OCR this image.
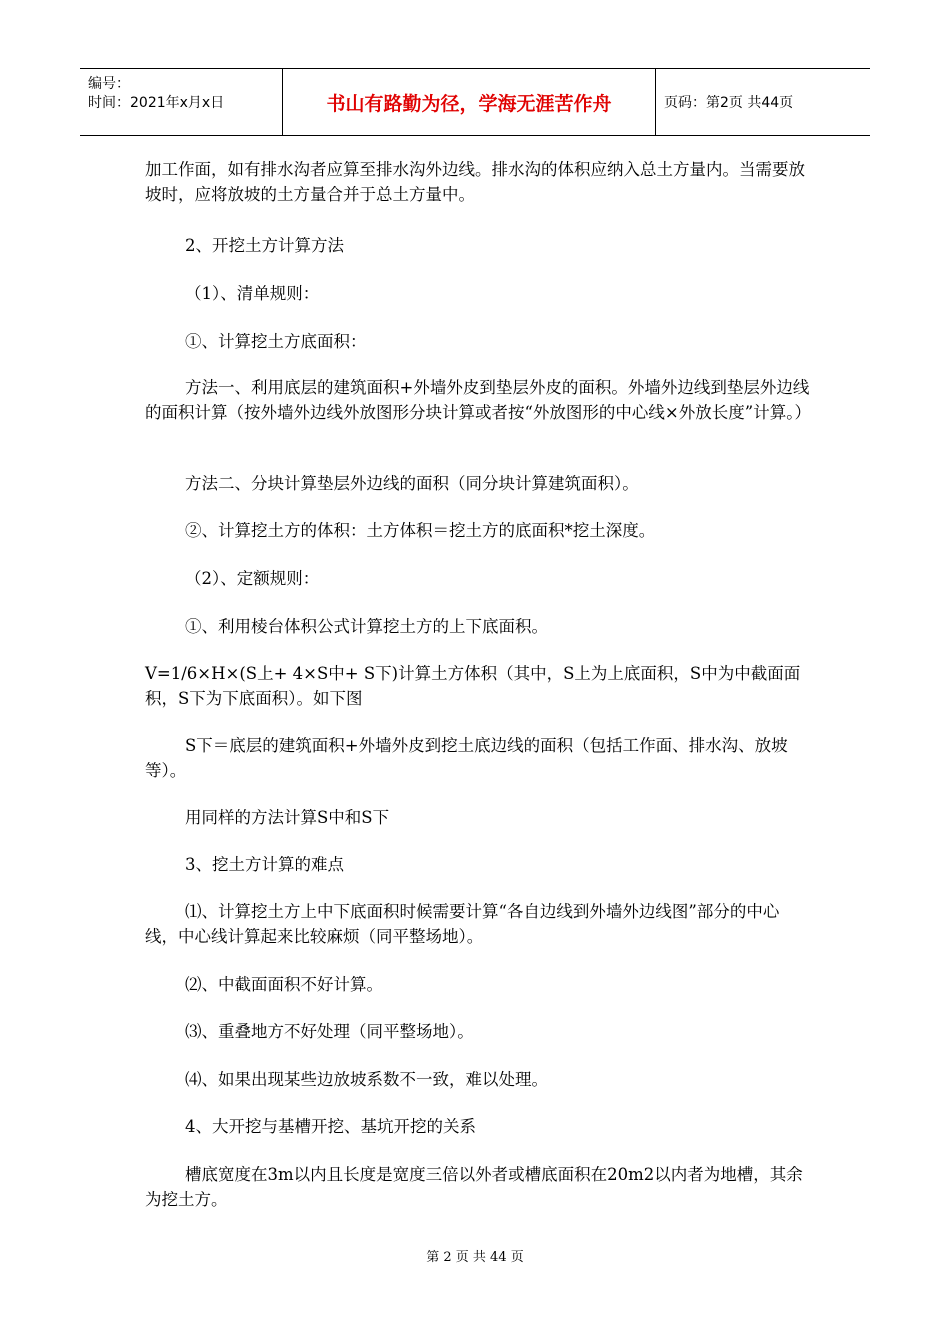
编号：
时间：2021年x月x日	书山有路勤为径，学海无涯苦作舟	页码：第2页 共44页

加工作面，如有排水沟者应算至排水沟外边线。排水沟的体积应纳入总土方量内。当需要放坡时，应将放坡的土方量合并于总土方量中。

2、开挖土方计算方法

（1）、清单规则：

①、计算挖土方底面积：

方法一、利用底层的建筑面积+外墙外皮到垫层外皮的面积。外墙外边线到垫层外边线的面积计算（按外墙外边线外放图形分块计算或者按“外放图形的中心线×外放长度”计算。）

方法二、分块计算垫层外边线的面积（同分块计算建筑面积）。

②、计算挖土方的体积：土方体积＝挖土方的底面积*挖土深度。

（2）、定额规则：

①、利用棱台体积公式计算挖土方的上下底面积。

V=1/6×H×(S上+ 4×S中+ S下)计算土方体积（其中，S上为上底面积，S中为中截面面积，S下为下底面积）。如下图

S下＝底层的建筑面积+外墙外皮到挖土底边线的面积（包括工作面、排水沟、放坡等）。

用同样的方法计算S中和S下

3、挖土方计算的难点

⑴、计算挖土方上中下底面积时候需要计算“各自边线到外墙外边线图”部分的中心线，中心线计算起来比较麻烦（同平整场地）。

⑵、中截面面积不好计算。

⑶、重叠地方不好处理（同平整场地）。

⑷、如果出现某些边放坡系数不一致，难以处理。

4、大开挖与基槽开挖、基坑开挖的关系

槽底宽度在3m以内且长度是宽度三倍以外者或槽底面积在20m2以内者为地槽，其余为挖土方。

第 2 页 共 44 页
